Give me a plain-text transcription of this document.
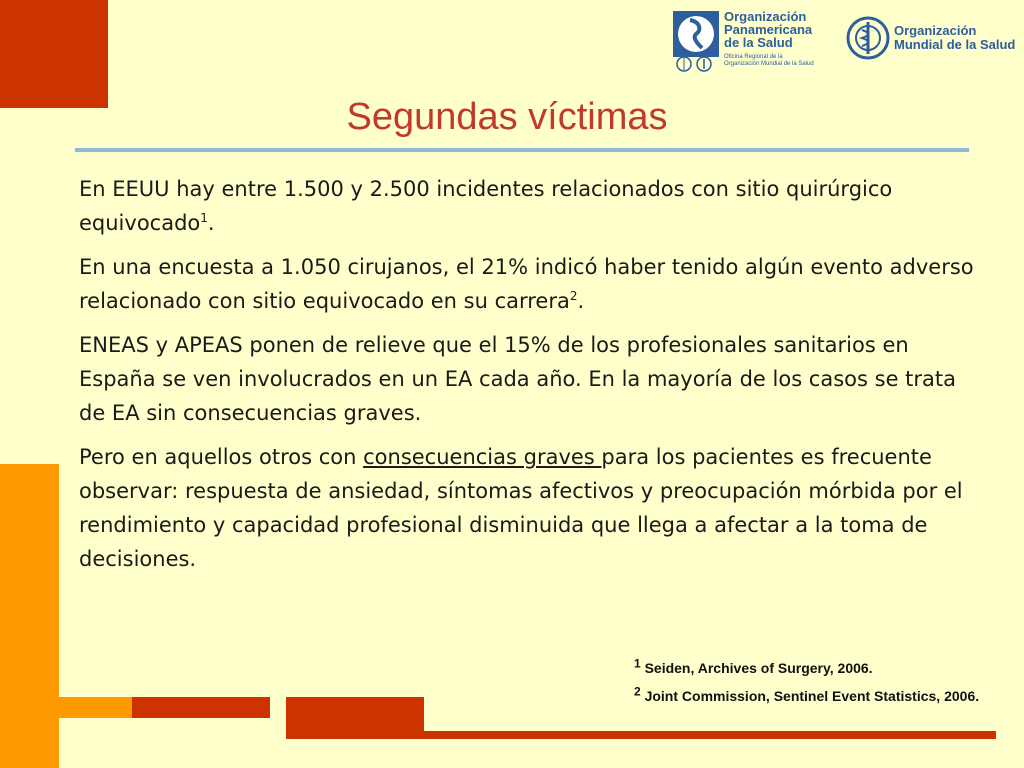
Organización
Panamericana
de la Salud
Oficina Regional de la
Organización Mundial de la Salud
Organización
Mundial de la Salud
Segundas víctimas

En EEUU hay entre 1.500 y 2.500 incidentes relacionados con sitio quirúrgico equivocado$^1$.

En una encuesta a 1.050 cirujanos, el 21% indicó haber tenido algún evento adverso relacionado con sitio equivocado en su carrera$^2$.

ENEAS y APEAS ponen de relieve que el 15% de los profesionales sanitarios en España se ven involucrados en un EA cada año. En la mayoría de los casos se trata de EA sin consecuencias graves.

Pero en aquellos otros con consecuencias graves para los pacientes es frecuente observar: respuesta de ansiedad, síntomas afectivos y preocupación mórbida por el rendimiento y capacidad profesional disminuida que llega a afectar a la toma de decisiones.

$^1$ Seiden, Archives of Surgery, 2006.
$^2$ Joint Commission, Sentinel Event Statistics, 2006.
